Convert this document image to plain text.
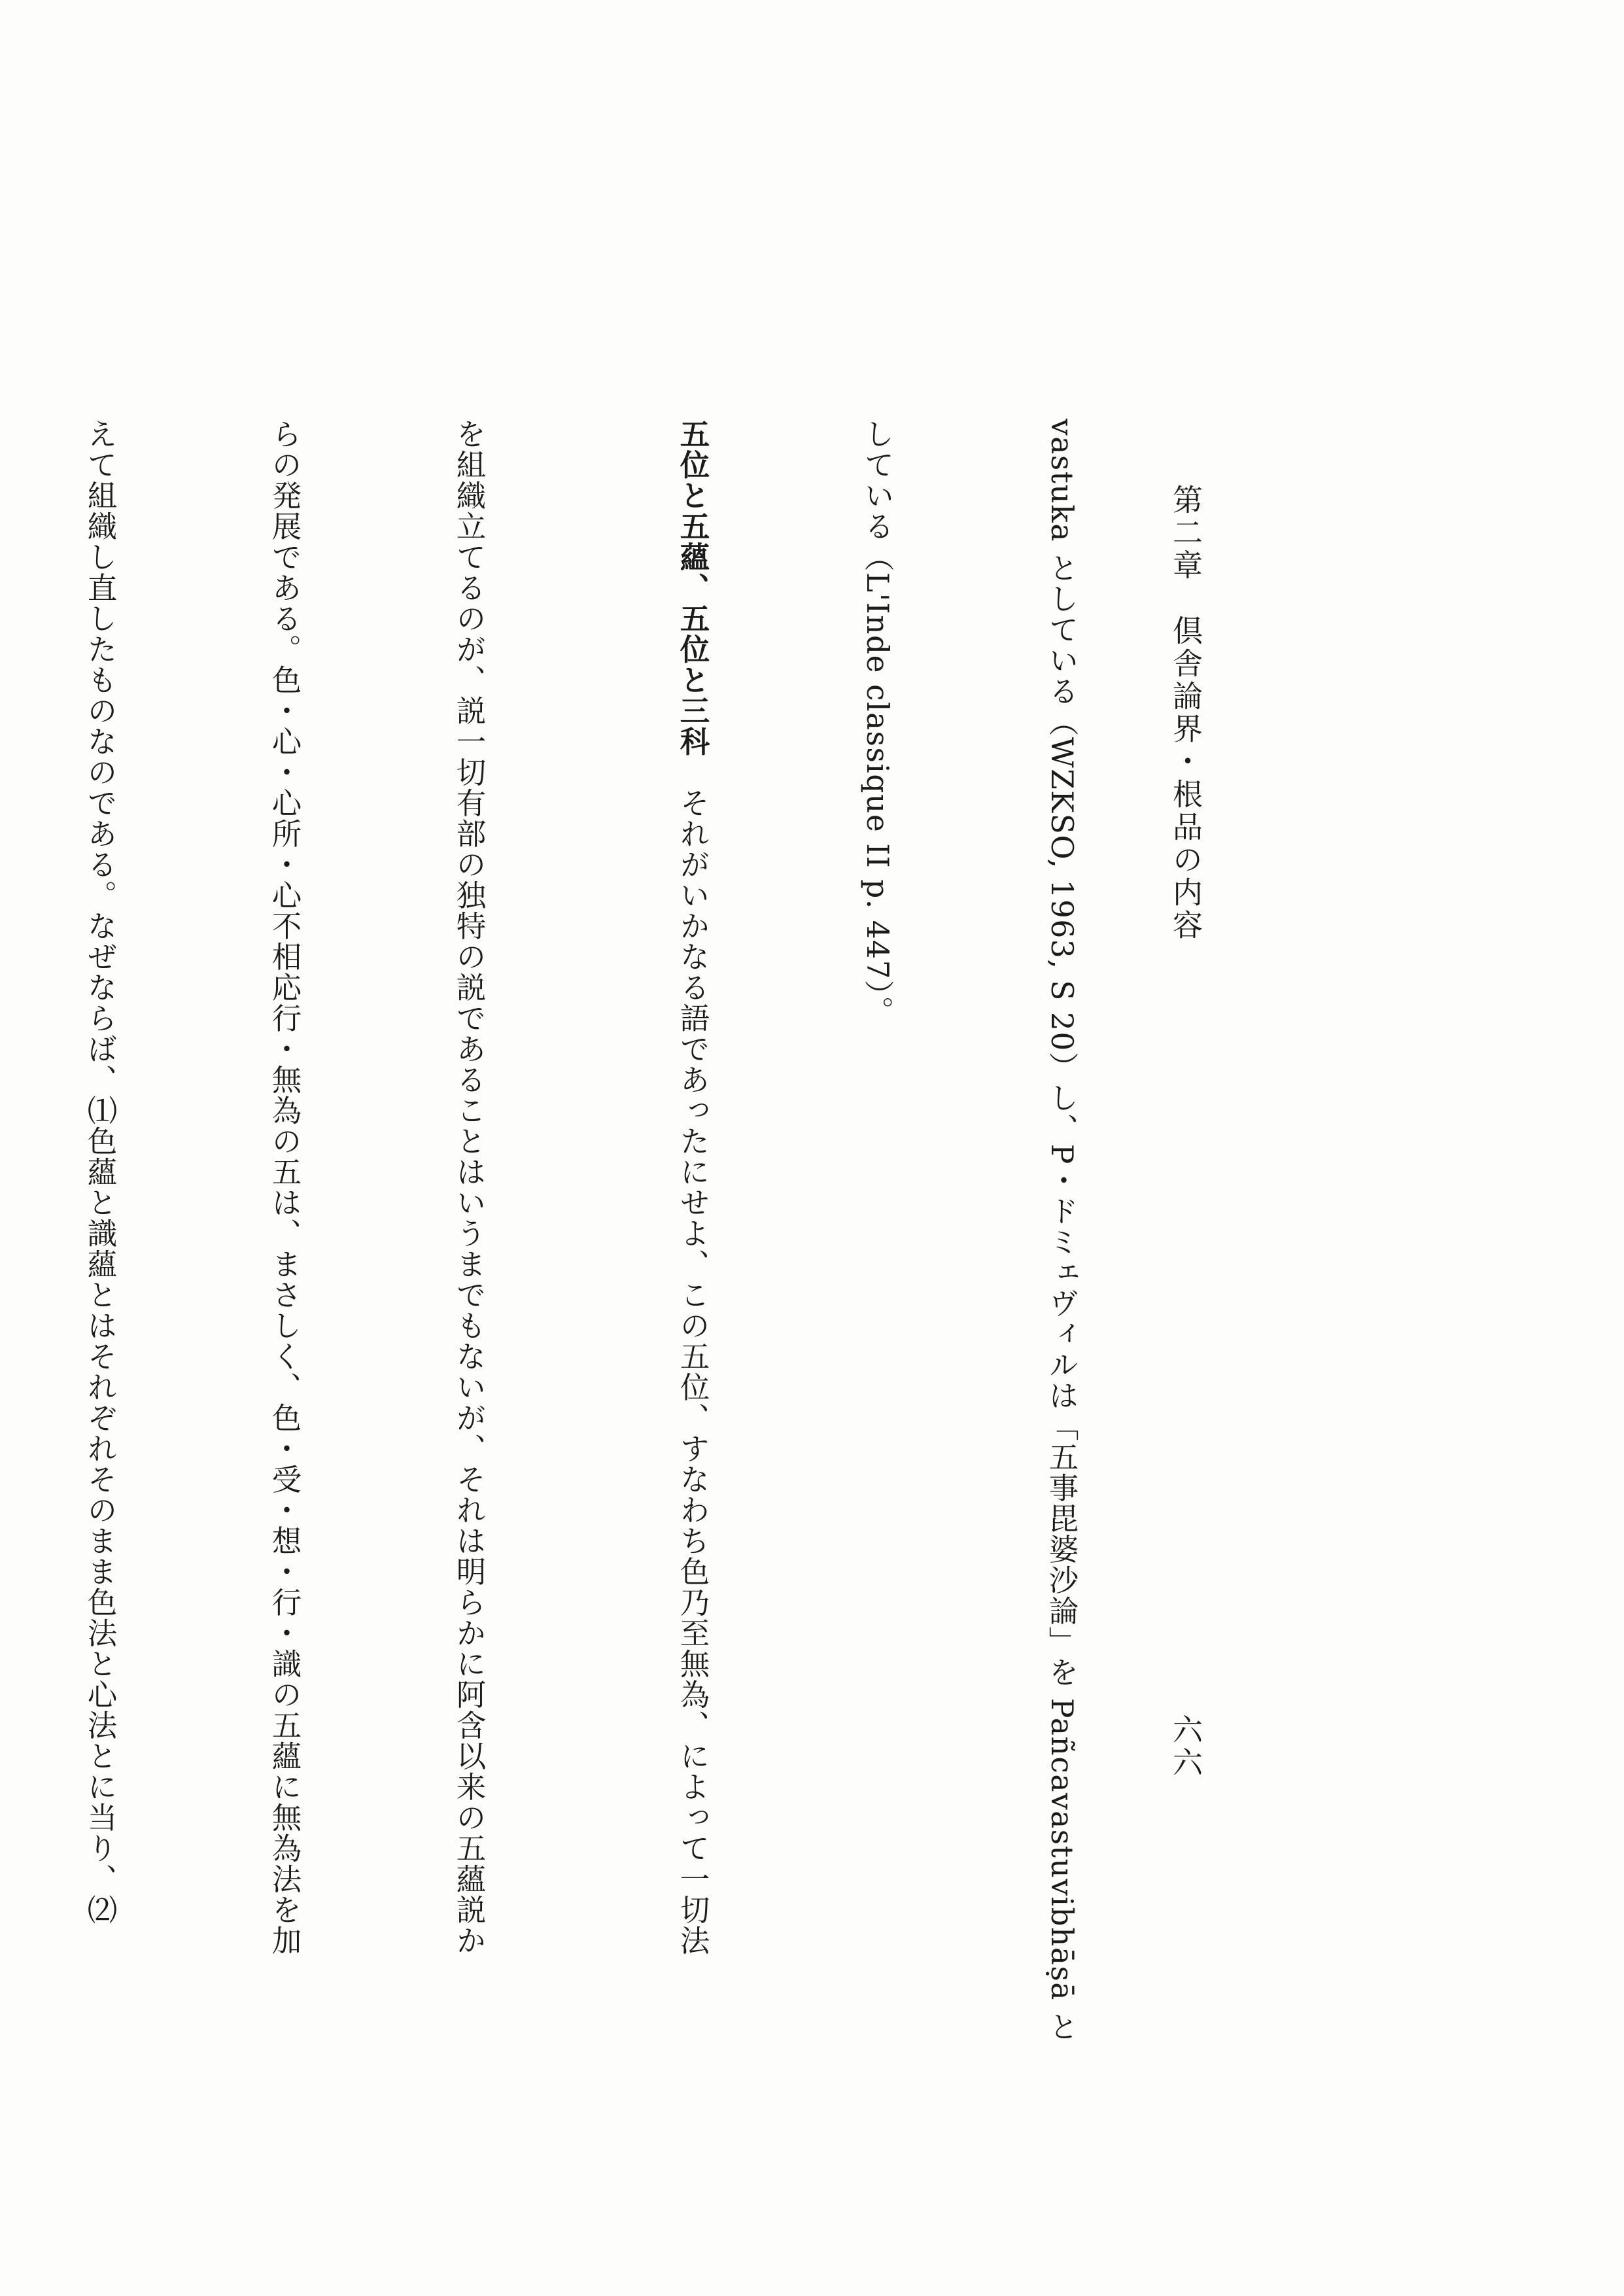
第二章　倶舎論界・根品の内容
六六

vastuka としている（WZKSO, 1963, S 20）し、P・ドミェヴィルは「五事毘婆沙論」を Pañcavastuvibhāṣā と

している（L'Inde classique II p. 447）。

五位と五蘊、五位と三科　それがいかなる語であったにせよ、この五位、すなわち色乃至無為、によって一切法

を組織立てるのが、説一切有部の独特の説であることはいうまでもないが、それは明らかに阿含以来の五蘊説か

らの発展である。色・心・心所・心不相応行・無為の五は、まさしく、色・受・想・行・識の五蘊に無為法を加

えて組織し直したものなのである。なぜならば、⑴色蘊と識蘊とはそれぞれそのまま色法と心法とに当り、⑵
